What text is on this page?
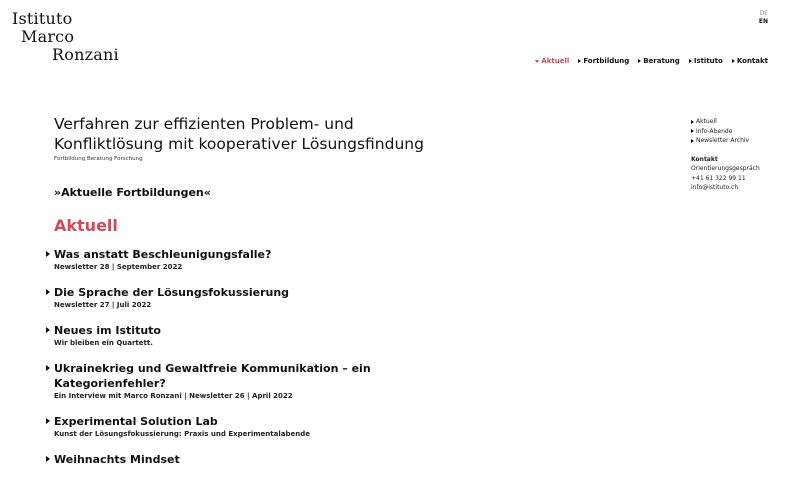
Istituto
Marco
Ronzani
DE
EN
Aktuell Fortbildung Beratung Istituto Kontakt
Verfahren zur effizienten Problem- und Konfliktlösung mit kooperativer Lösungsfindung
Fortbildung Beratung Forschung
»Aktuelle Fortbildungen«
Aktuell
Was anstatt Beschleunigungsfalle?
Newsletter 28 | September 2022
Die Sprache der Lösungsfokussierung
Newsletter 27 | Juli 2022
Neues im Istituto
Wir bleiben ein Quartett.
Ukrainekrieg und Gewaltfreie Kommunikation – ein Kategorienfehler?
Ein Interview mit Marco Ronzani | Newsletter 26 | April 2022
Experimental Solution Lab
Kunst der Lösungsfokussierung: Praxis und Experimentalabende
Weihnachts Mindset
Aktuell
Info-Abende
Newsletter Archiv
Kontakt
Orientierungsgespräch
+41 61 322 99 11
info@istituto.ch
